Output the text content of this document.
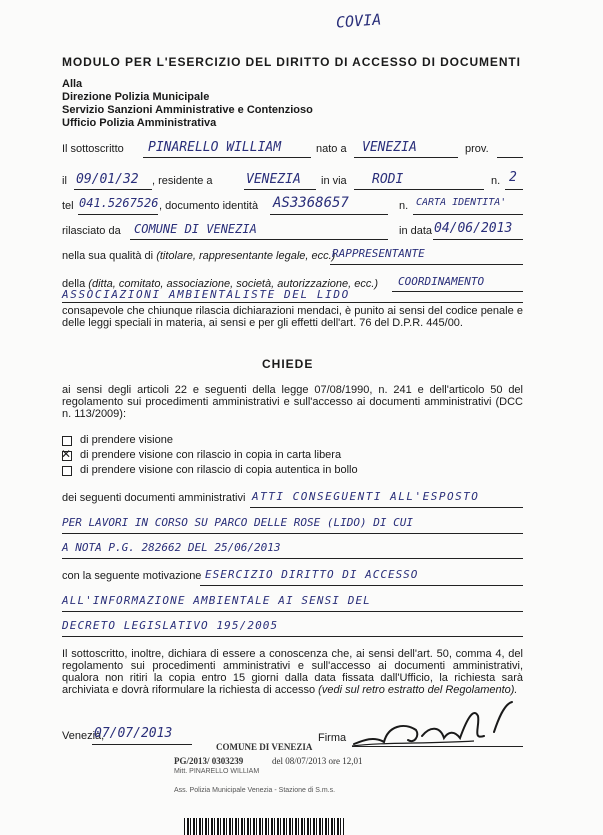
COVIA
MODULO PER L'ESERCIZIO DEL DIRITTO DI ACCESSO DI DOCUMENTI
Alla
Direzione Polizia Municipale
Servizio Sanzioni Amministrative e Contenzioso
Ufficio Polizia Amministrativa
Il sottoscritto PINARELLO WILLIAM	nato a VENEZIA	prov.
il 09/01/32 , residente a	VENEZIA in via RODI	n. 2
tel 041.5267526 , documento identità AS3368657	n. CARTA IDENTITA'
rilasciato da COMUNE DI VENEZIA	in data 04/06/2013
nella sua qualità di (titolare, rappresentante legale, ecc.)
RAPPRESENTANTE
della (ditta, comitato, associazione, società, autorizzazione, ecc.) COORDINAMENTO
ASSOCIAZIONI AMBIENTALISTE DEL LIDO
consapevole che chiunque rilascia dichiarazioni mendaci, è punito ai sensi del codice penale e delle leggi speciali in materia, ai sensi e per gli effetti dell'art. 76 del D.P.R. 445/00.
CHIEDE
ai sensi degli articoli 22 e seguenti della legge 07/08/1990, n. 241 e dell'articolo 50 del regolamento sui procedimenti amministrativi e sull'accesso ai documenti amministrativi (DCC n. 113/2009):
di prendere visione
✕
di prendere visione con rilascio in copia in carta libera
di prendere visione con rilascio di copia autentica in bollo
dei seguenti documenti amministrativi ATTI CONSEGUENTI ALL'ESPOSTO
PER LAVORI IN CORSO SU PARCO DELLE ROSE (LIDO) DI CUI
A NOTA P.G. 282662 DEL 25/06/2013
con la seguente motivazione ESERCIZIO DIRITTO DI ACCESSO
ALL'INFORMAZIONE AMBIENTALE AI SENSI DEL
DECRETO LEGISLATIVO 195/2005
Il sottoscritto, inoltre, dichiara di essere a conoscenza che, ai sensi dell'art. 50, comma 4, del regolamento sui procedimenti amministrativi e sull'accesso ai documenti amministrativi, qualora non ritiri la copia entro 15 giorni dalla data fissata dall'Ufficio, la richiesta sarà archiviata e dovrà riformulare la richiesta di accesso (vedi sul retro estratto del Regolamento).
Venezia,
07/07/2013	Firma
COMUNE DI VENEZIA
PG/2013/ 0303239	del 08/07/2013 ore 12,01
Mitt. PINARELLO WILLIAM
Ass. Polizia Municipale Venezia - Stazione di S.m.s.
